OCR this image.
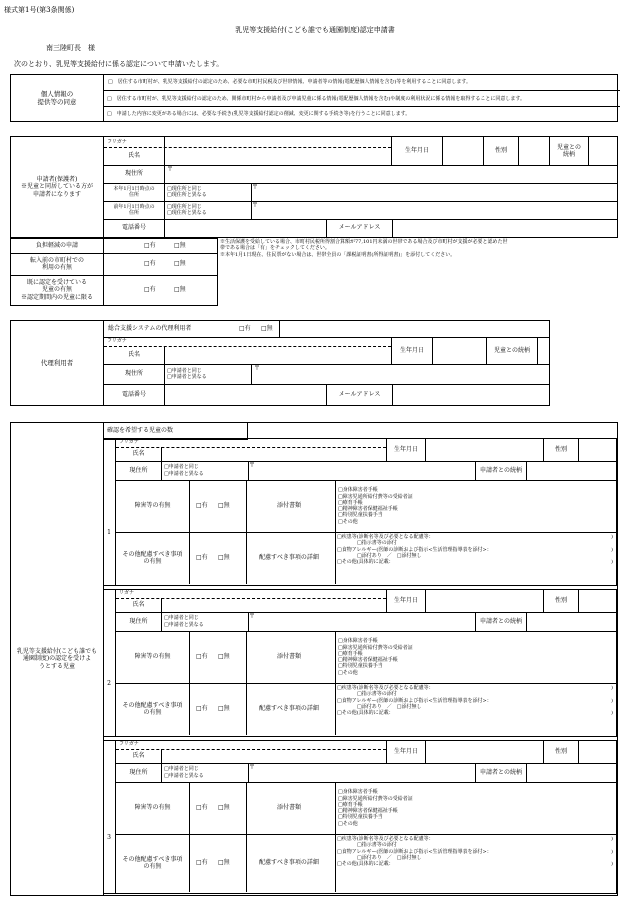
様式第1号(第3条関係)
乳児等支援給付(こども誰でも通園制度)認定申請書
南三陸町長　様
次のとおり、乳児等支援給付に係る認定について申請いたします。
個人情報の
提供等の同意
□　居住する市町村が、乳児等支援給付の認定のため、必要な市町村民税及び世帯情報、申請者等の情報(電配歴個人情報を含む)等を利用することに同意します。
□　居住する市町村が、乳児等支援給付の認定のため、関係市町村から申請者及び申請児童に係る情報(電配歴個人情報を含む)や制度の利用状況に係る情報を取得することに同意します。
□　申請した内容に変更がある場合には、必要な手続き(乳児等支援給付認定の削減、変更に関する手続き等)を行うことに同意します。
申請者(保護者)
※児童と同居している方が
申請者になります
フリガナ
氏名
生年月日	性別
児童との
続柄
現住所
〒
本年1月1日時点の
住所
□現住所と同じ
□現住所と異なる
〒
前年1月1日時点の
住所
□現住所と同じ
□現住所と異なる
〒
電話番号	メールアドレス
負担軽減の申請	□有	□無
転入前の市町村での
利用の有無
□有	□無
既に認定を受けている
児童の有無
※認定期間内の児童に限る
□有	□無
※生活保護を受給している場合、市町村民税所得割合算額が77,101円未満の世帯である場合及び市町村が支援が必要と認めた世
帯である場合は「有」をチェックしてください。
※本年1月1日現在、住民票がない場合は、世帯全員の「課税証明書(所得証明書)」を添付してください。
代理利用者
総合支援システムの代理利用者	□有	□無
フリガナ
氏名
生年月日	児童との続柄
現住所	□申請者と同じ
□申請者と異なる
〒
電話番号	メールアドレス
乳児等支援給付(こども誰でも
通園制度)の認定を受けよ
うとする児童
確認を希望する児童の数
1
フリガナ
氏名
生年月日	性別
現住所	□申請者と同じ
□申請者と異なる
〒
申請者との続柄
障害等の有無	□有	□無	添付書類
□身体障害者手帳
□障害児通所給付費等の受給者証
□療育手帳
□精神障害者保健福祉手帳
□特別児童扶養手当
□その他
その他配慮すべき事項
の有無
□有	□無	配慮すべき事項の詳細
□疾患等(診断名等及び必要となる配慮等：	)
□指示書等の添付
□食物アレルギー(医師の診断および指示<生活管理指導表を添付>：	)
□添付あり　／　□添付無し
□その他(具体的に記載：	)
2
リガナ
氏名
生年月日	性別
現住所	□申請者と同じ
□申請者と異なる
〒
申請者との続柄
障害等の有無	□有	□無	添付書類
□身体障害者手帳
□障害児通所給付費等の受給者証
□療育手帳
□精神障害者保健福祉手帳
□特別児童扶養手当
□その他
その他配慮すべき事項
の有無
□有	□無	配慮すべき事項の詳細
□疾患等(診断名等及び必要となる配慮等：	)
□指示書等の添付
□食物アレルギー(医師の診断および指示<生活管理指導表を添付>：	)
□添付あり　／　□添付無し
□その他(具体的に記載：	)
3
フリガナ
氏名
生年月日	性別
現住所	□申請者と同じ
□申請者と異なる
〒
申請者との続柄
障害等の有無	□有	□無	添付書類
□身体障害者手帳
□障害児通所給付費等の受給者証
□療育手帳
□精神障害者保健福祉手帳
□特別児童扶養手当
□その他
その他配慮すべき事項
の有無
□有	□無	配慮すべき事項の詳細
□疾患等(診断名等及び必要となる配慮等：	)
□指示書等の添付
□食物アレルギー(医師の診断および指示<生活管理指導表を添付>：	)
□添付あり　／　□添付無し
□その他(具体的に記載：	)
